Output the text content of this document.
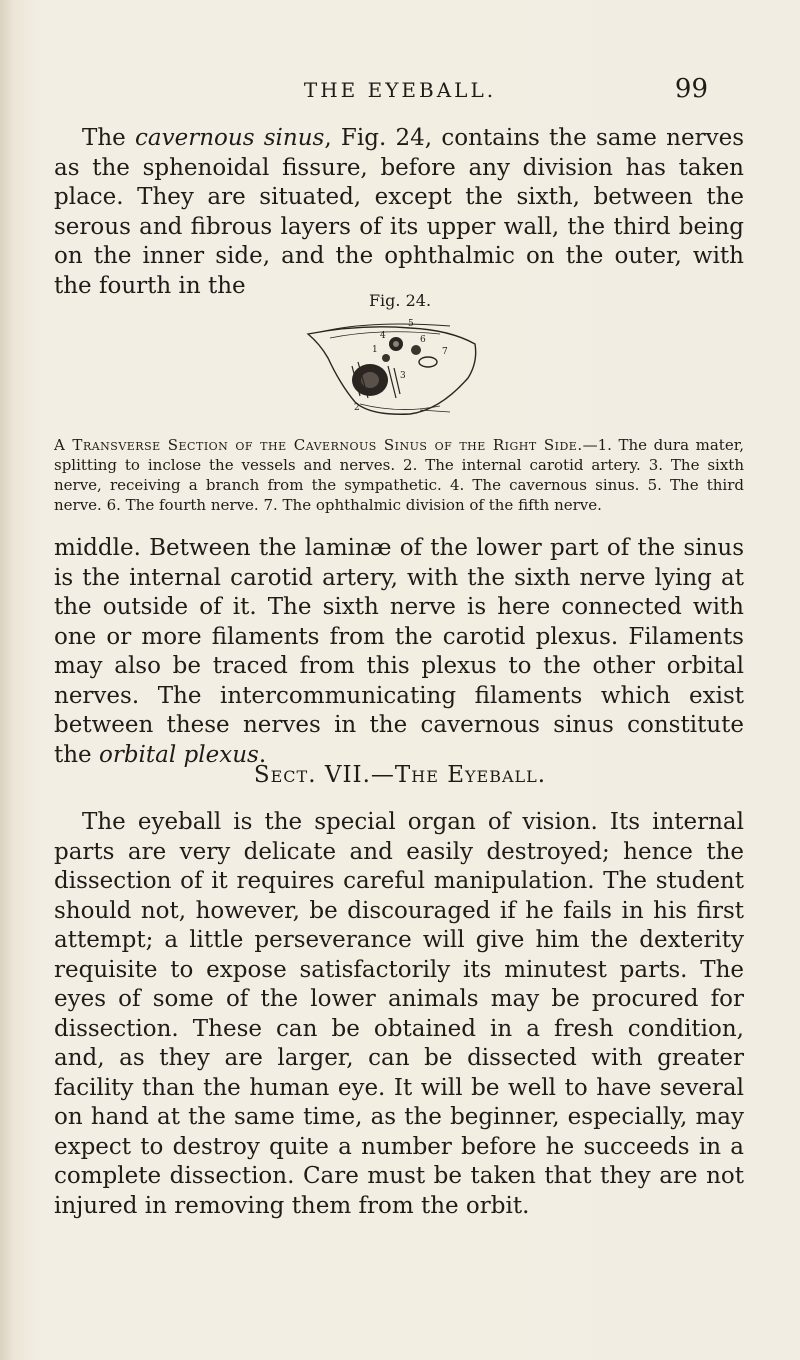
THE EYEBALL.	99

The cavernous sinus, Fig. 24, contains the same nerves as the sphenoidal fissure, before any division has taken place. They are situated, except the sixth, between the serous and fibrous layers of its upper wall, the third being on the inner side, and the ophthalmic on the outer, with the fourth in the

Fig. 24.
1
2
3
4
5
6
7

A Transverse Section of the Cavernous Sinus of the Right Side.—1. The dura mater, splitting to inclose the vessels and nerves. 2. The internal carotid artery. 3. The sixth nerve, receiving a branch from the sympathetic. 4. The cavernous sinus. 5. The third nerve. 6. The fourth nerve. 7. The ophthalmic division of the fifth nerve.

middle. Between the laminæ of the lower part of the sinus is the internal carotid artery, with the sixth nerve lying at the outside of it. The sixth nerve is here connected with one or more filaments from the carotid plexus. Filaments may also be traced from this plexus to the other orbital nerves. The intercommunicating filaments which exist between these nerves in the cavernous sinus constitute the orbital plexus.

Sect. VII.—The Eyeball.

The eyeball is the special organ of vision. Its internal parts are very delicate and easily destroyed; hence the dissection of it requires careful manipulation. The student should not, however, be discouraged if he fails in his first attempt; a little perseverance will give him the dexterity requisite to expose satisfactorily its minutest parts. The eyes of some of the lower animals may be procured for dissection. These can be obtained in a fresh condition, and, as they are larger, can be dissected with greater facility than the human eye. It will be well to have several on hand at the same time, as the beginner, especially, may expect to destroy quite a number before he succeeds in a complete dissection. Care must be taken that they are not injured in removing them from the orbit.
